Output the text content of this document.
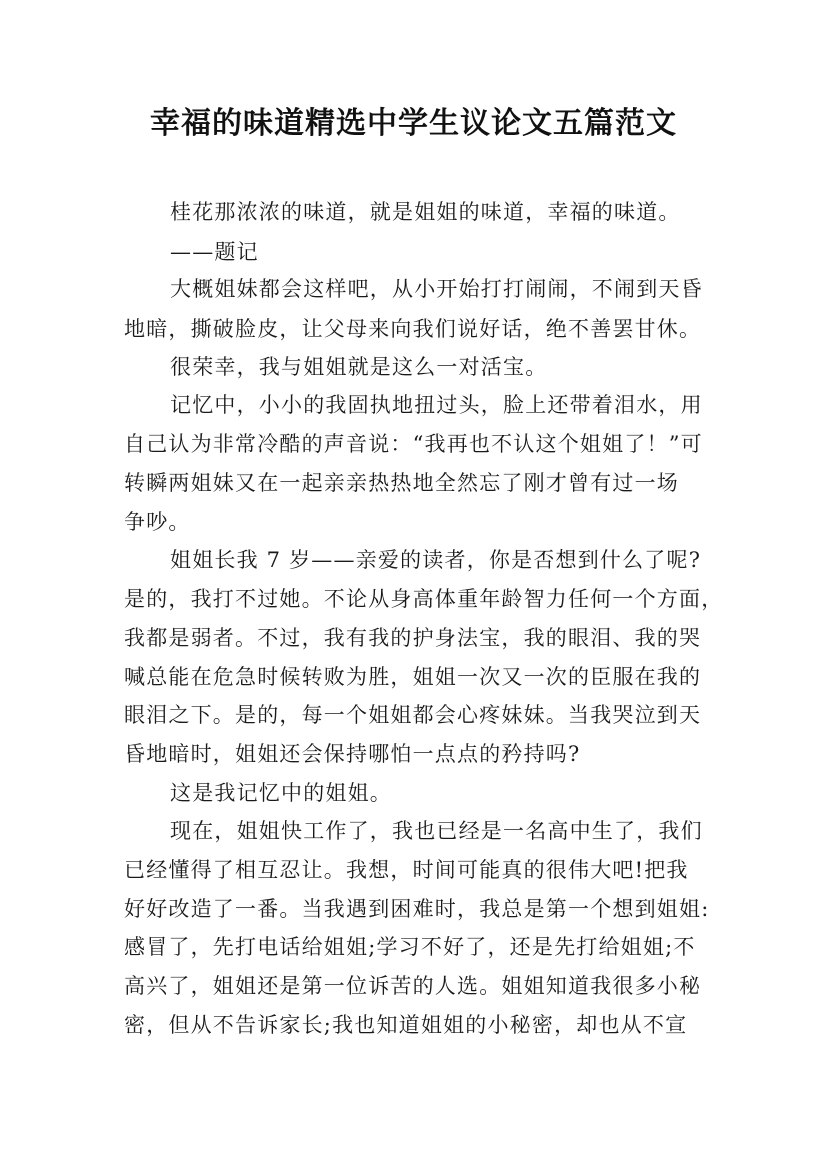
幸福的味道精选中学生议论文五篇范文
桂花那浓浓的味道，就是姐姐的味道，幸福的味道。
——题记
大概姐妹都会这样吧，从小开始打打闹闹，不闹到天昏
地暗，撕破脸皮，让父母来向我们说好话，绝不善罢甘休。
很荣幸，我与姐姐就是这么一对活宝。
记忆中，小小的我固执地扭过头，脸上还带着泪水，用
自己认为非常冷酷的声音说：“我再也不认这个姐姐了！”可
转瞬两姐妹又在一起亲亲热热地全然忘了刚才曾有过一场
争吵。
姐姐长我 7 岁——亲爱的读者，你是否想到什么了呢?
是的，我打不过她。不论从身高体重年龄智力任何一个方面，
我都是弱者。不过，我有我的护身法宝，我的眼泪、我的哭
喊总能在危急时候转败为胜，姐姐一次又一次的臣服在我的
眼泪之下。是的，每一个姐姐都会心疼妹妹。当我哭泣到天
昏地暗时，姐姐还会保持哪怕一点点的矜持吗?
这是我记忆中的姐姐。
现在，姐姐快工作了，我也已经是一名高中生了，我们
已经懂得了相互忍让。我想，时间可能真的很伟大吧!把我
好好改造了一番。当我遇到困难时，我总是第一个想到姐姐:
感冒了，先打电话给姐姐;学习不好了，还是先打给姐姐;不
高兴了，姐姐还是第一位诉苦的人选。姐姐知道我很多小秘
密，但从不告诉家长;我也知道姐姐的小秘密，却也从不宣
